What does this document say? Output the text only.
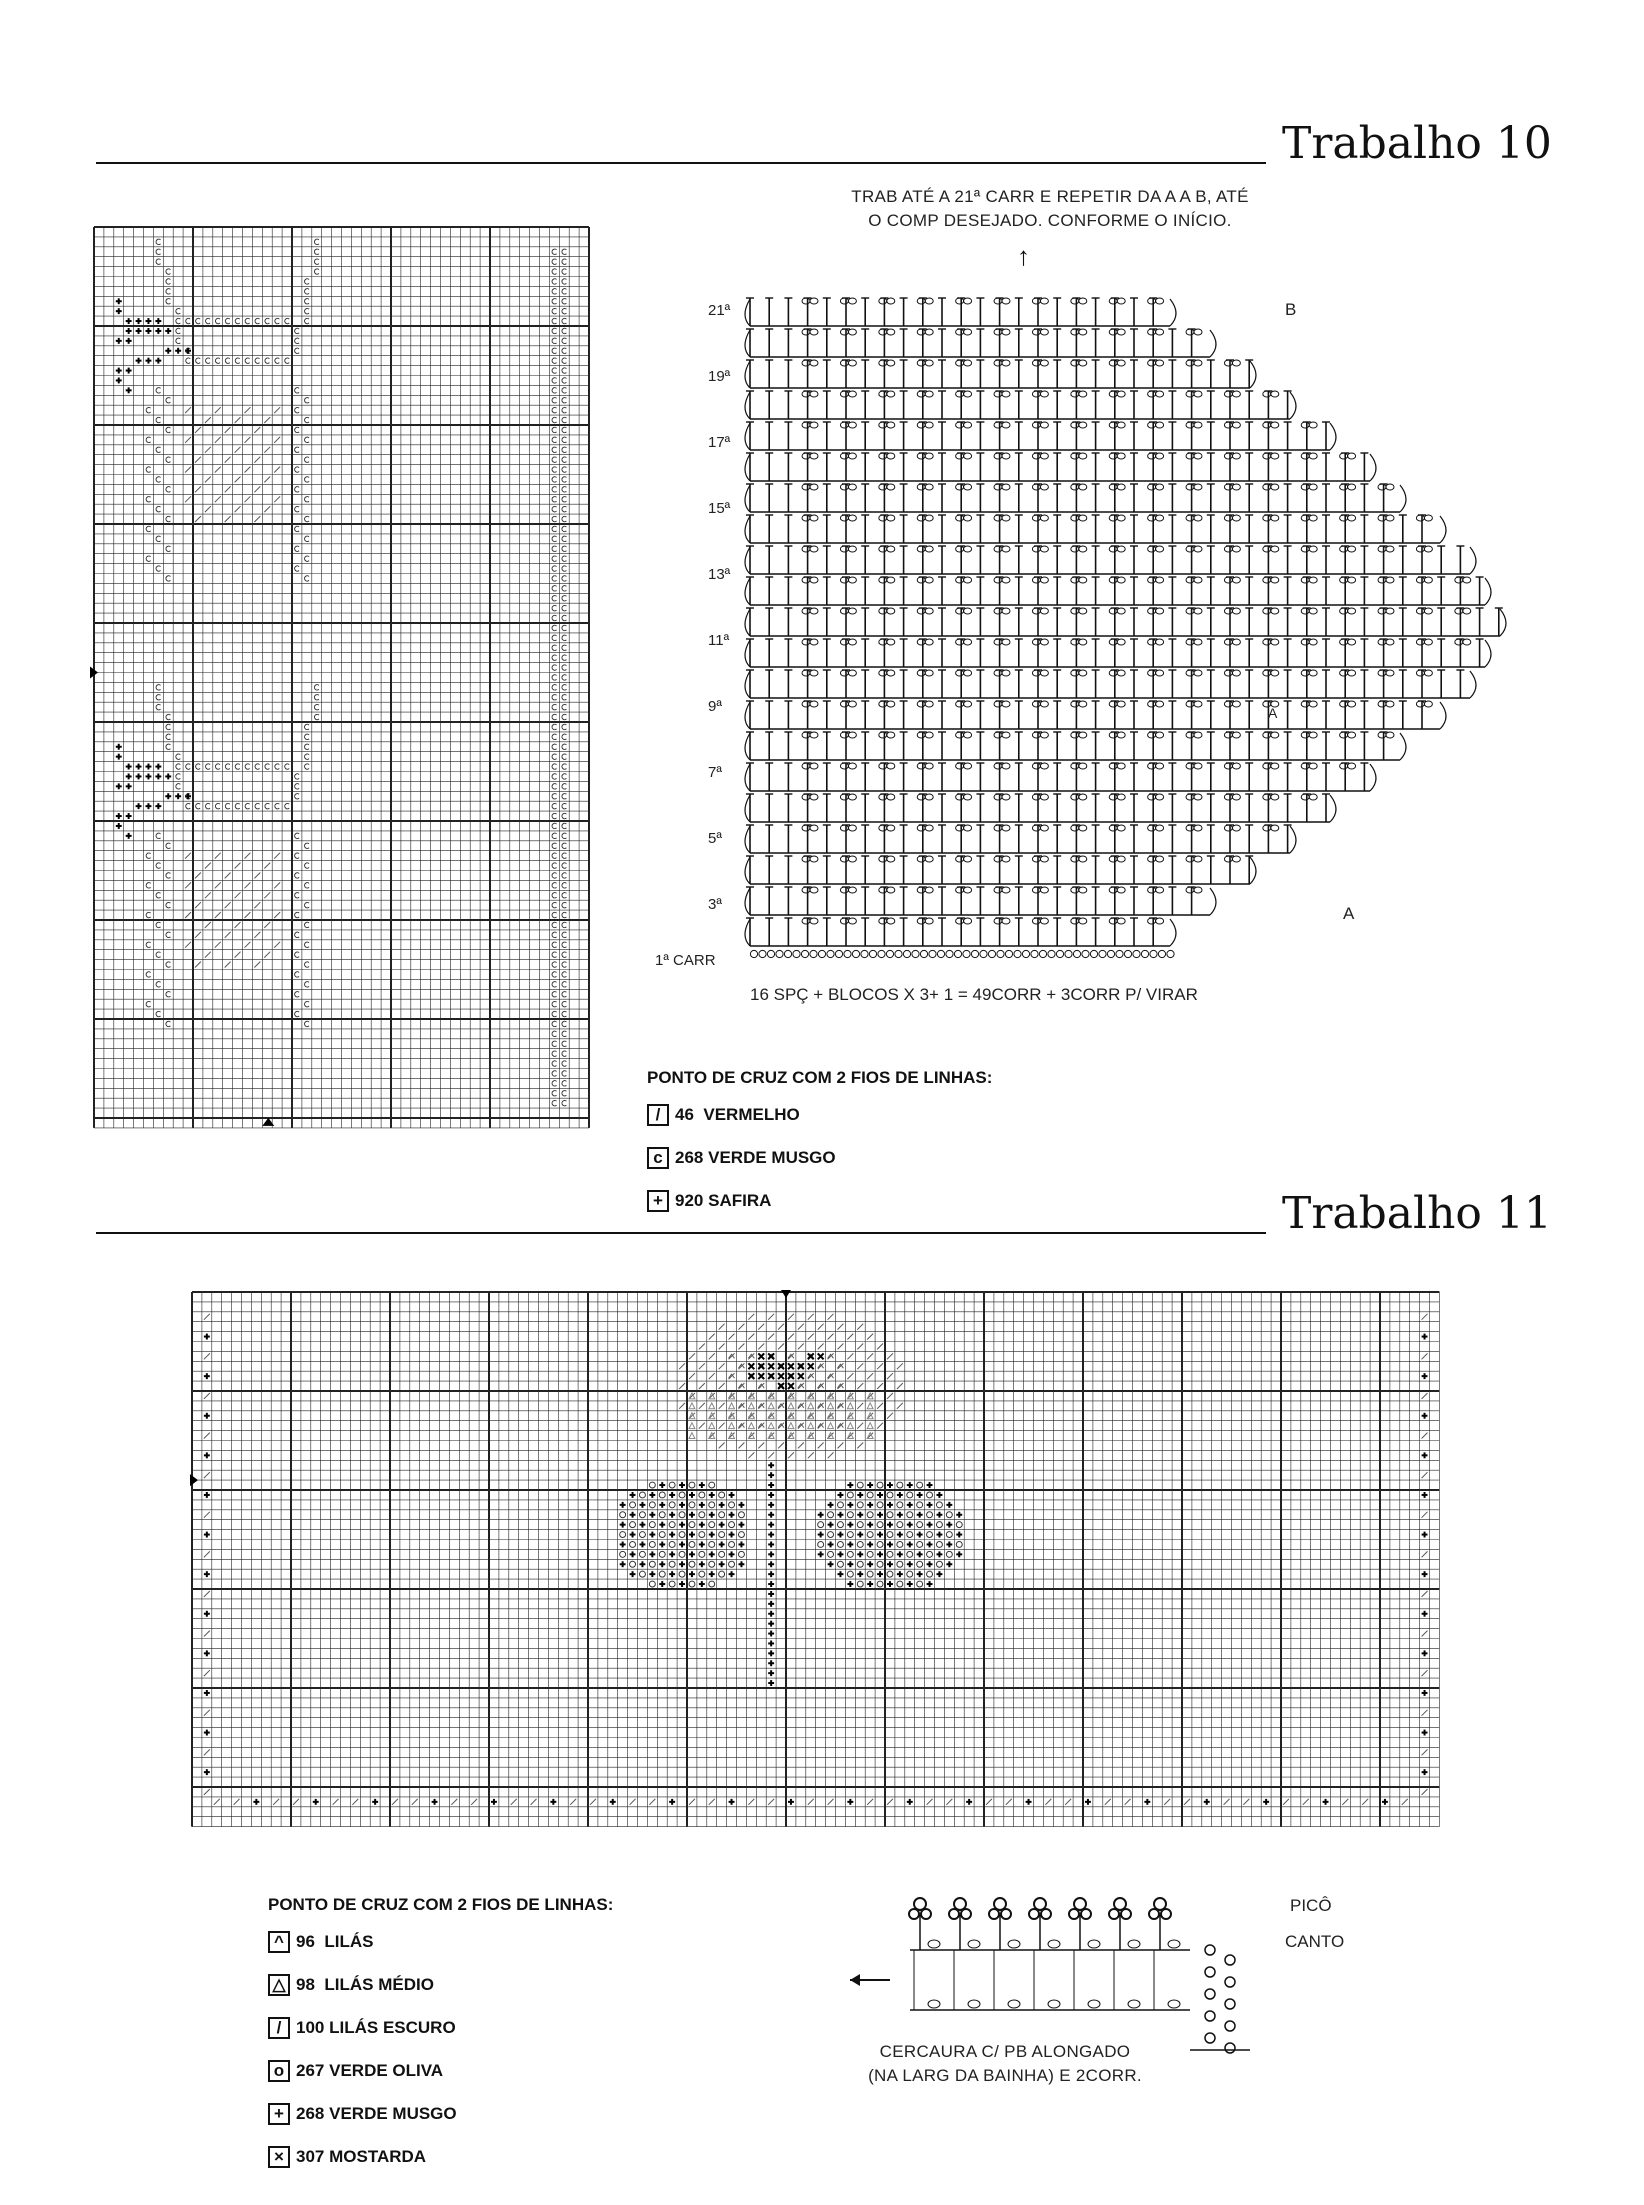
Trabalho 10
TRAB ATÉ A 21ª CARR E REPETIR DA A A B, ATÉ
O COMP DESEJADO. CONFORME O INÍCIO.
↑
21ª
19ª
17ª
15ª
13ª
11ª
9ª
7ª
5ª
3ª
1ª CARR
B
A
A
16 SPÇ + BLOCOS X 3+ 1 = 49CORR + 3CORR P/ VIRAR
PONTO DE CRUZ COM 2 FIOS DE LINHAS:
/ 46
VERMELHO
c 268
VERDE MUSGO
+ 920
SAFIRA	Trabalho 11
PONTO DE CRUZ COM 2 FIOS DE LINHAS:
^ 96
LILÁS
△ 98
LILÁS MÉDIO
/ 100
LILÁS ESCURO
o 267
VERDE OLIVA
+ 268
VERDE MUSGO
× 307
MOSTARDA
PICÔ
CANTO
CERCAURA C/ PB ALONGADO
(NA LARG DA BAINHA) E 2CORR.
